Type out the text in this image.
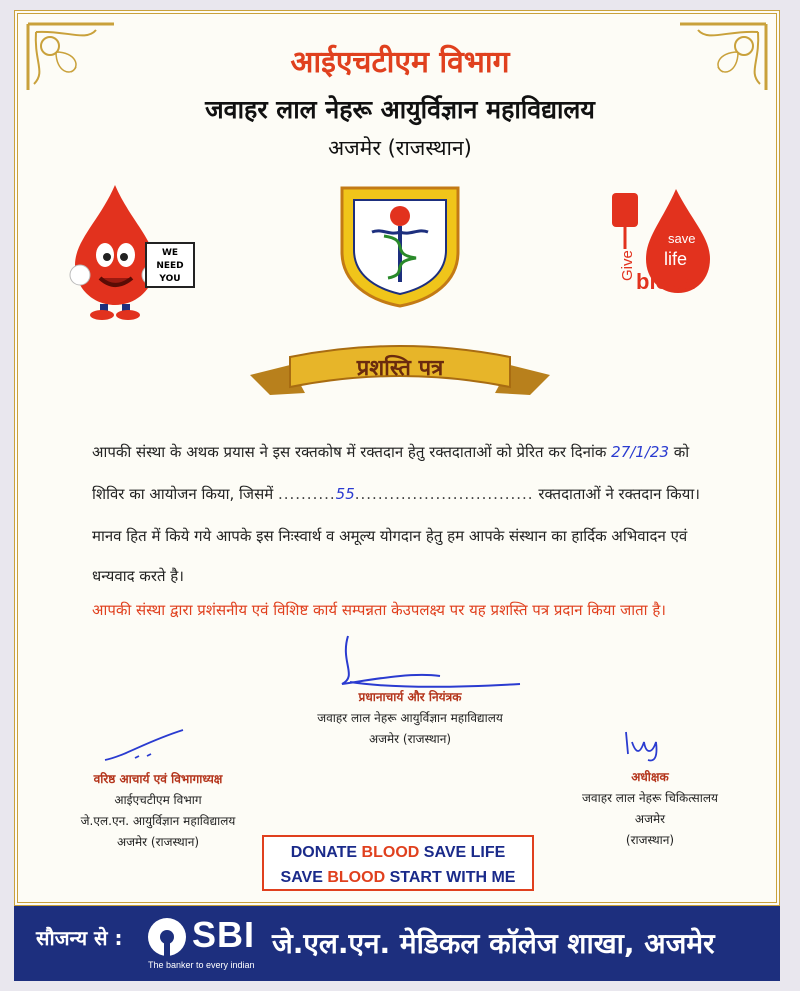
आईएचटीएम विभाग
जवाहर लाल नेहरू आयुर्विज्ञान महाविद्यालय
अजमेर (राजस्थान)
WE
NEED
YOU
save
life
blood
Give
प्रशस्ति पत्र
आपकी संस्था के अथक प्रयास ने इस रक्तकोष में रक्तदान हेतु रक्तदाताओं को प्रेरित कर दिनांक 27/1/23 को
शिविर का आयोजन किया, जिसमें ..........55............................... रक्तदाताओं ने रक्तदान किया।
मानव हित में किये गये आपके इस निःस्वार्थ व अमूल्य योगदान हेतु हम आपके संस्थान का हार्दिक अभिवादन एवं
धन्यवाद करते है।
आपकी संस्था द्वारा प्रशंसनीय एवं विशिष्ट कार्य सम्पन्नता केउपलक्ष्य पर यह प्रशस्ति पत्र प्रदान किया जाता है।
प्रधानाचार्य और नियंत्रक
जवाहर लाल नेहरू आयुर्विज्ञान महाविद्यालय
अजमेर (राजस्थान)
वरिष्ठ आचार्य एवं विभागाध्यक्ष
आईएचटीएम विभाग
जे.एल.एन. आयुर्विज्ञान महाविद्यालय
अजमेर (राजस्थान)
अधीक्षक
जवाहर लाल नेहरू चिकित्सालय
अजमेर
(राजस्थान)
DONATE BLOOD SAVE LIFE
SAVE BLOOD START WITH ME
सौजन्य से : SBI
The banker to every indian
जे.एल.एन. मेडिकल कॉलेज शाखा, अजमेर
